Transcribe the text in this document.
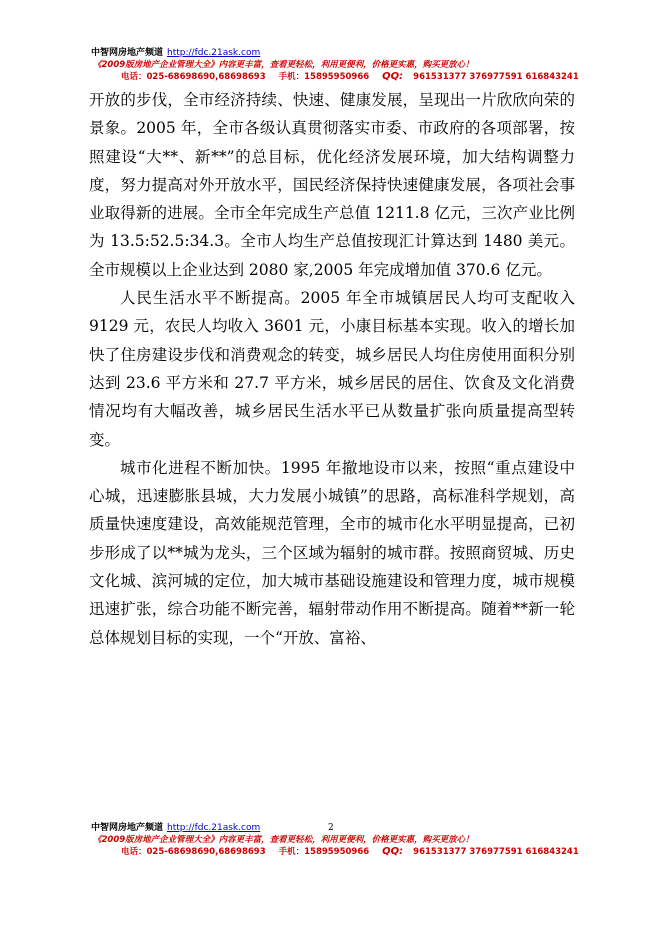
中智网房地产频道 http://fdc.21ask.com
《2009版房地产企业管理大全》内容更丰富，查看更轻松，利用更便利，价格更实惠，购买更放心！
电话：025-68698690,68698693 手机：15895950966 QQ: 961531377 376977591 616843241

开放的步伐，全市经济持续、快速、健康发展，呈现出一片欣欣向荣的景象。2005 年，全市各级认真贯彻落实市委、市政府的各项部署，按照建设“大**、新**”的总目标，优化经济发展环境，加大结构调整力度，努力提高对外开放水平，国民经济保持快速健康发展，各项社会事业取得新的进展。全市全年完成生产总值 1211.8 亿元，三次产业比例为 13.5:52.5:34.3。全市人均生产总值按现汇计算达到 1480 美元。全市规模以上企业达到 2080 家,2005 年完成增加值 370.6 亿元。

人民生活水平不断提高。2005 年全市城镇居民人均可支配收入 9129 元，农民人均收入 3601 元，小康目标基本实现。收入的增长加快了住房建设步伐和消费观念的转变，城乡居民人均住房使用面积分别达到 23.6 平方米和 27.7 平方米，城乡居民的居住、饮食及文化消费情况均有大幅改善，城乡居民生活水平已从数量扩张向质量提高型转变。

城市化进程不断加快。1995 年撤地设市以来，按照“重点建设中心城，迅速膨胀县城，大力发展小城镇”的思路，高标准科学规划，高质量快速度建设，高效能规范管理，全市的城市化水平明显提高，已初步形成了以**城为龙头，三个区域为辐射的城市群。按照商贸城、历史文化城、滨河城的定位，加大城市基础设施建设和管理力度，城市规模迅速扩张，综合功能不断完善，辐射带动作用不断提高。随着**新一轮总体规划目标的实现，一个“开放、富裕、

中智网房地产频道 http://fdc.21ask.com	2
《2009版房地产企业管理大全》内容更丰富，查看更轻松，利用更便利，价格更实惠，购买更放心！
电话：025-68698690,68698693 手机：15895950966 QQ: 961531377 376977591 616843241
